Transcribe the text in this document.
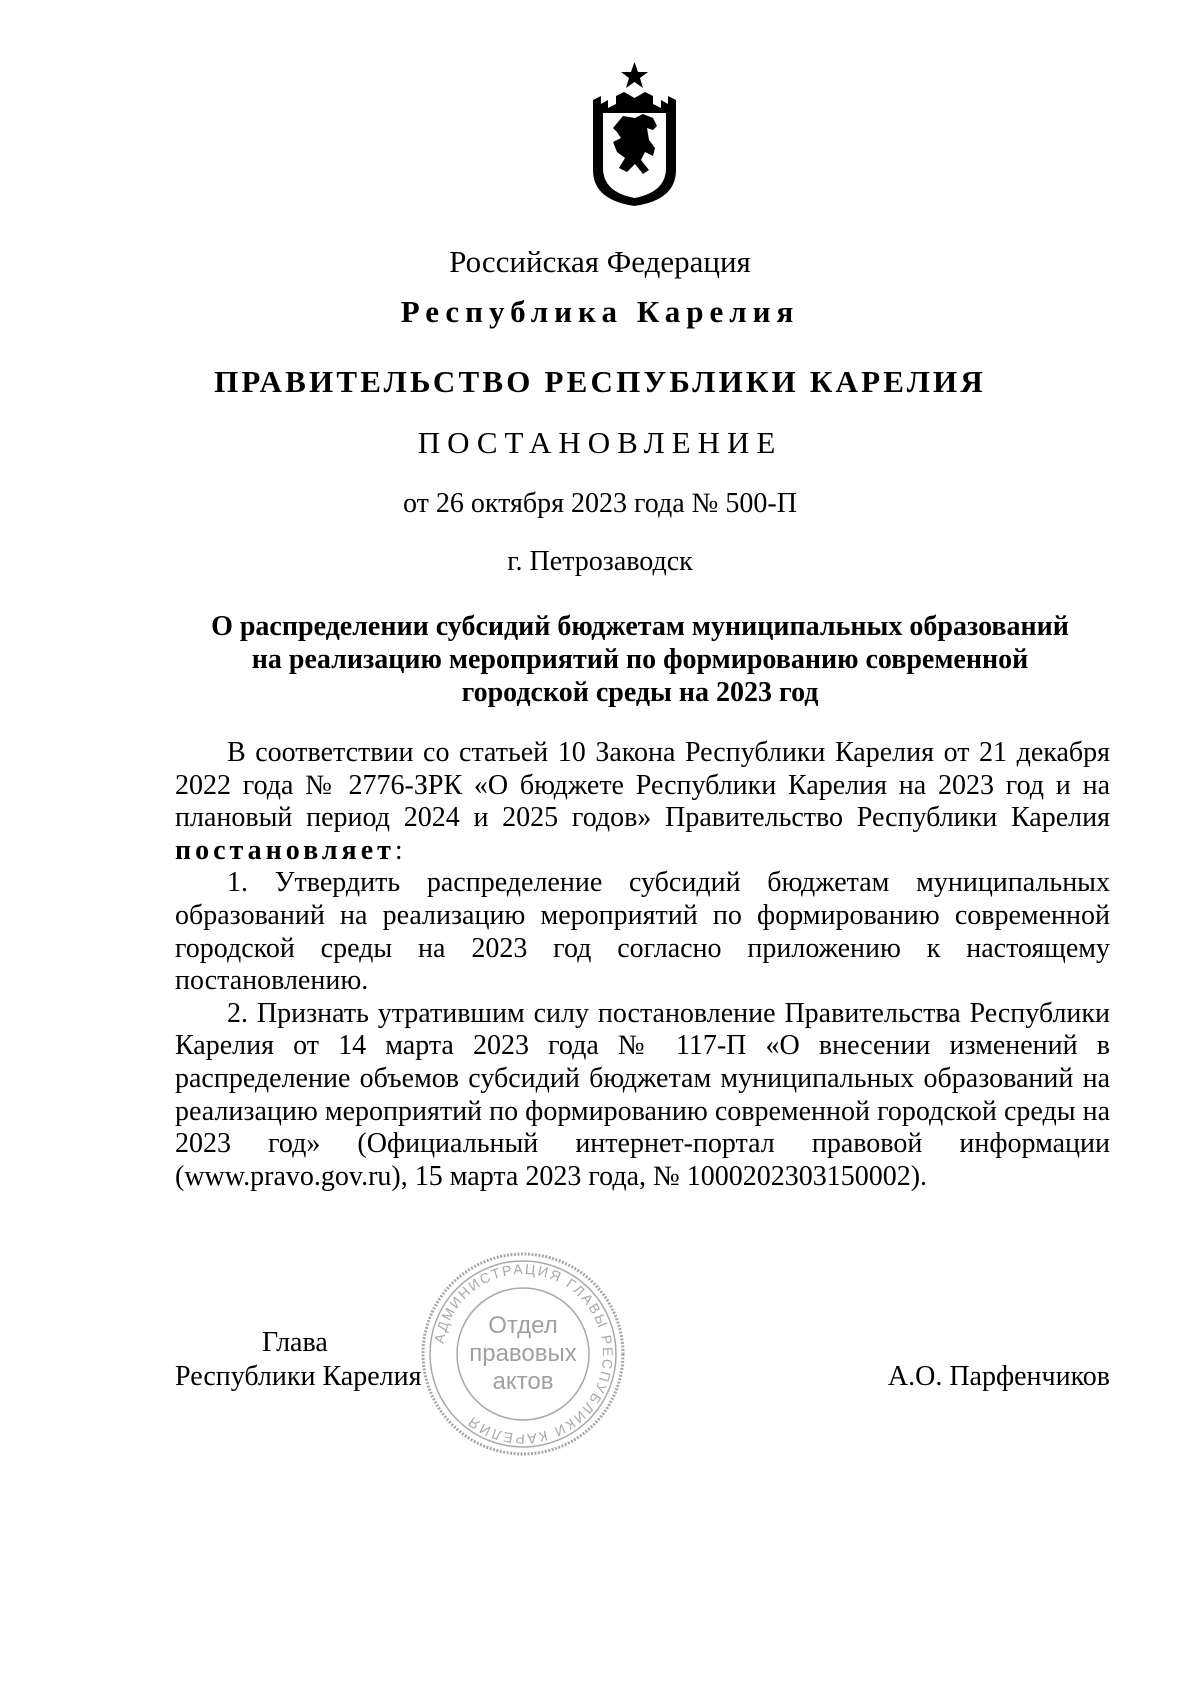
Российская Федерация
Республика Карелия
ПРАВИТЕЛЬСТВО РЕСПУБЛИКИ КАРЕЛИЯ
ПОСТАНОВЛЕНИЕ
от 26 октября 2023 года № 500-П
г. Петрозаводск
О распределении субсидий бюджетам муниципальных образований
на реализацию мероприятий по формированию современной
городской среды на 2023 год

В соответствии со статьей 10 Закона Республики Карелия от 21 декабря 2022 года № 2776-ЗРК «О бюджете Республики Карелия на 2023 год и на плановый период 2024 и 2025 годов» Правительство Республики Карелия постановляет:

1. Утвердить распределение субсидий бюджетам муниципальных образований на реализацию мероприятий по формированию современной городской среды на 2023 год согласно приложению к настоящему постановлению.

2. Признать утратившим силу постановление Правительства Республики Карелия от 14 марта 2023 года № 117-П «О внесении изменений в распределение объемов субсидий бюджетам муниципальных образований на реализацию мероприятий по формированию современной городской среды на 2023 год» (Официальный интернет-портал правовой информации (www.pravo.gov.ru), 15 марта 2023 года, № 1000202303150002).

Глава
Республики Карелия	А.О. Парфенчиков
АДМИНИСТРАЦИЯ ГЛАВЫ РЕСПУБЛИКИ КАРЕЛИЯ
Отдел
правовых
актов
